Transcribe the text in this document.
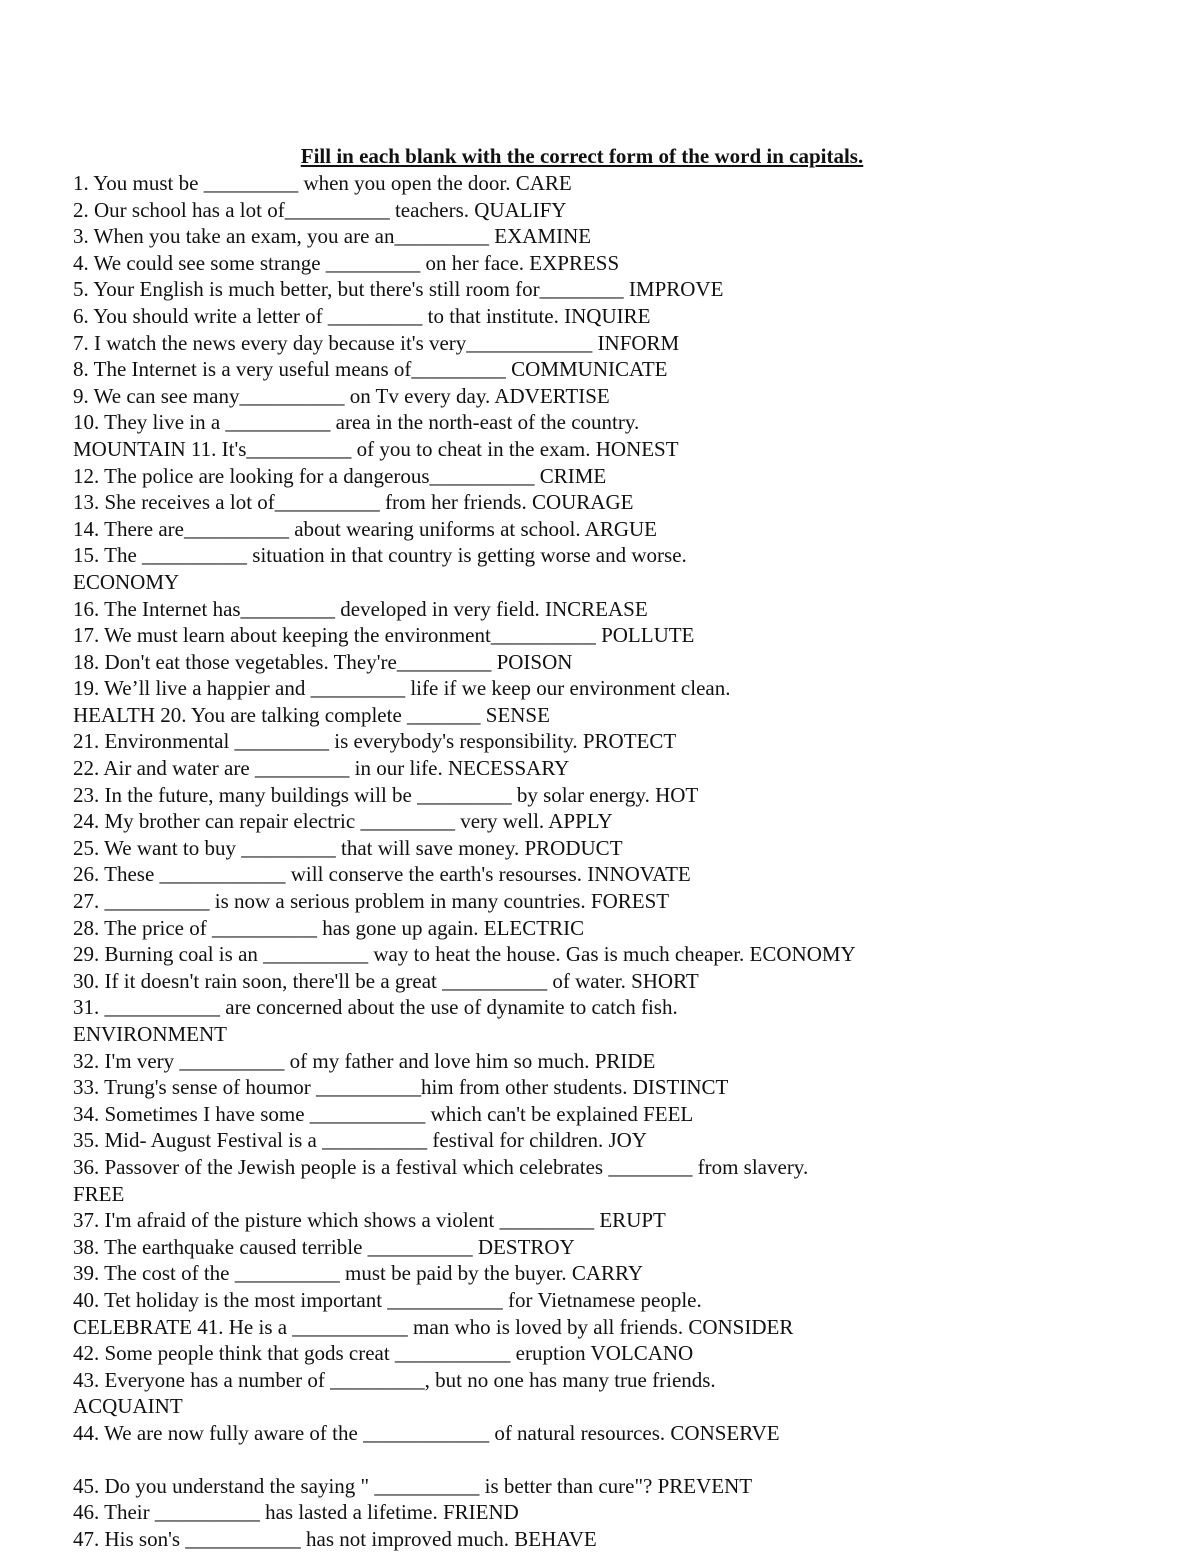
Fill in each blank with the correct form of the word in capitals.
1. You must be _________ when you open the door. CARE
2. Our school has a lot of__________ teachers. QUALIFY
3. When you take an exam, you are an_________ EXAMINE
4. We could see some strange _________ on her face. EXPRESS
5. Your English is much better, but there's still room for________ IMPROVE
6. You should write a letter of _________ to that institute. INQUIRE
7. I watch the news every day because it's very____________ INFORM
8. The Internet is a very useful means of_________ COMMUNICATE
9. We can see many__________ on Tv every day. ADVERTISE
10. They live in a __________ area in the north-east of the country.
MOUNTAIN 11. It's__________ of you to cheat in the exam. HONEST
12. The police are looking for a dangerous__________ CRIME
13. She receives a lot of__________ from her friends. COURAGE
14. There are__________ about wearing uniforms at school. ARGUE
15. The __________ situation in that country is getting worse and worse.
ECONOMY
16. The Internet has_________ developed in very field. INCREASE
17. We must learn about keeping the environment__________ POLLUTE
18. Don't eat those vegetables. They're_________ POISON
19. We’ll live a happier and _________ life if we keep our environment clean.
HEALTH 20. You are talking complete _______ SENSE
21. Environmental _________ is everybody's responsibility. PROTECT
22. Air and water are _________ in our life. NECESSARY
23. In the future, many buildings will be _________ by solar energy. HOT
24. My brother can repair electric _________ very well. APPLY
25. We want to buy _________ that will save money. PRODUCT
26. These ____________ will conserve the earth's resourses. INNOVATE
27. __________ is now a serious problem in many countries. FOREST
28. The price of __________ has gone up again. ELECTRIC
29. Burning coal is an __________ way to heat the house. Gas is much cheaper. ECONOMY
30. If it doesn't rain soon, there'll be a great __________ of water. SHORT
31. ___________ are concerned about the use of dynamite to catch fish.
ENVIRONMENT
32. I'm very __________ of my father and love him so much. PRIDE
33. Trung's sense of houmor __________him from other students. DISTINCT
34. Sometimes I have some ___________ which can't be explained FEEL
35. Mid- August Festival is a __________ festival for children. JOY
36. Passover of the Jewish people is a festival which celebrates ________ from slavery.
FREE
37. I'm afraid of the pisture which shows a violent _________ ERUPT
38. The earthquake caused terrible __________ DESTROY
39. The cost of the __________ must be paid by the buyer. CARRY
40. Tet holiday is the most important ___________ for Vietnamese people.
CELEBRATE 41. He is a ___________ man who is loved by all friends. CONSIDER
42. Some people think that gods creat ___________ eruption VOLCANO
43. Everyone has a number of _________, but no one has many true friends.
ACQUAINT
44. We are now fully aware of the ____________ of natural resources. CONSERVE
45. Do you understand the saying " __________ is better than cure"? PREVENT
46. Their __________ has lasted a lifetime. FRIEND
47. His son's ___________ has not improved much. BEHAVE
